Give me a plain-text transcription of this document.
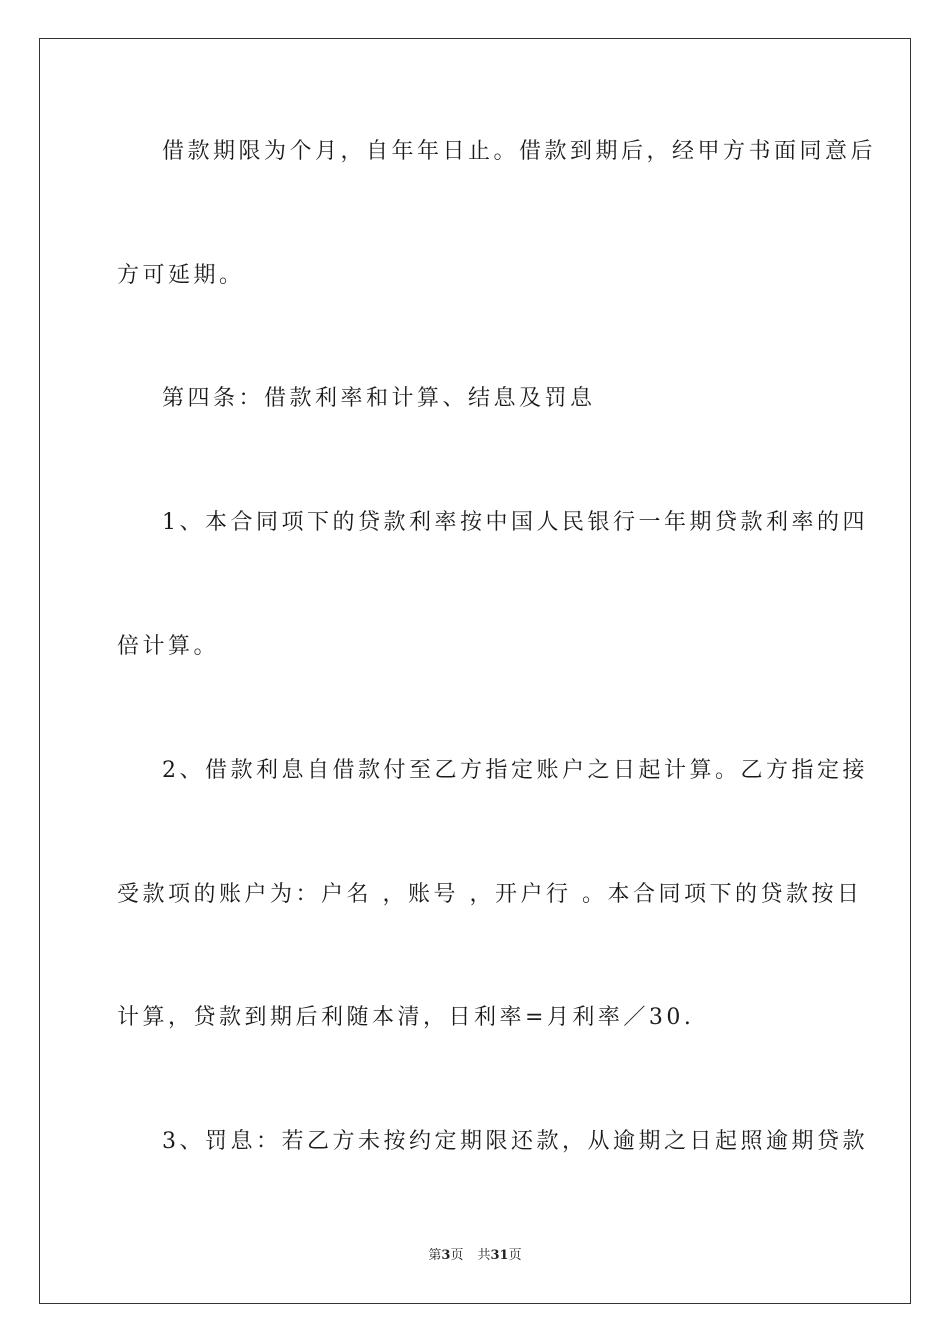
借款期限为个月，自年年日止。借款到期后，经甲方书面同意后
方可延期。
第四条：借款利率和计算、结息及罚息
1、本合同项下的贷款利率按中国人民银行一年期贷款利率的四
倍计算。
2、借款利息自借款付至乙方指定账户之日起计算。乙方指定接
受款项的账户为：户名 ，账号 ，开户行 。本合同项下的贷款按日
计算，贷款到期后利随本清，日利率=月利率／30.
3、罚息：若乙方未按约定期限还款，从逾期之日起照逾期贷款
第3页 共31页
